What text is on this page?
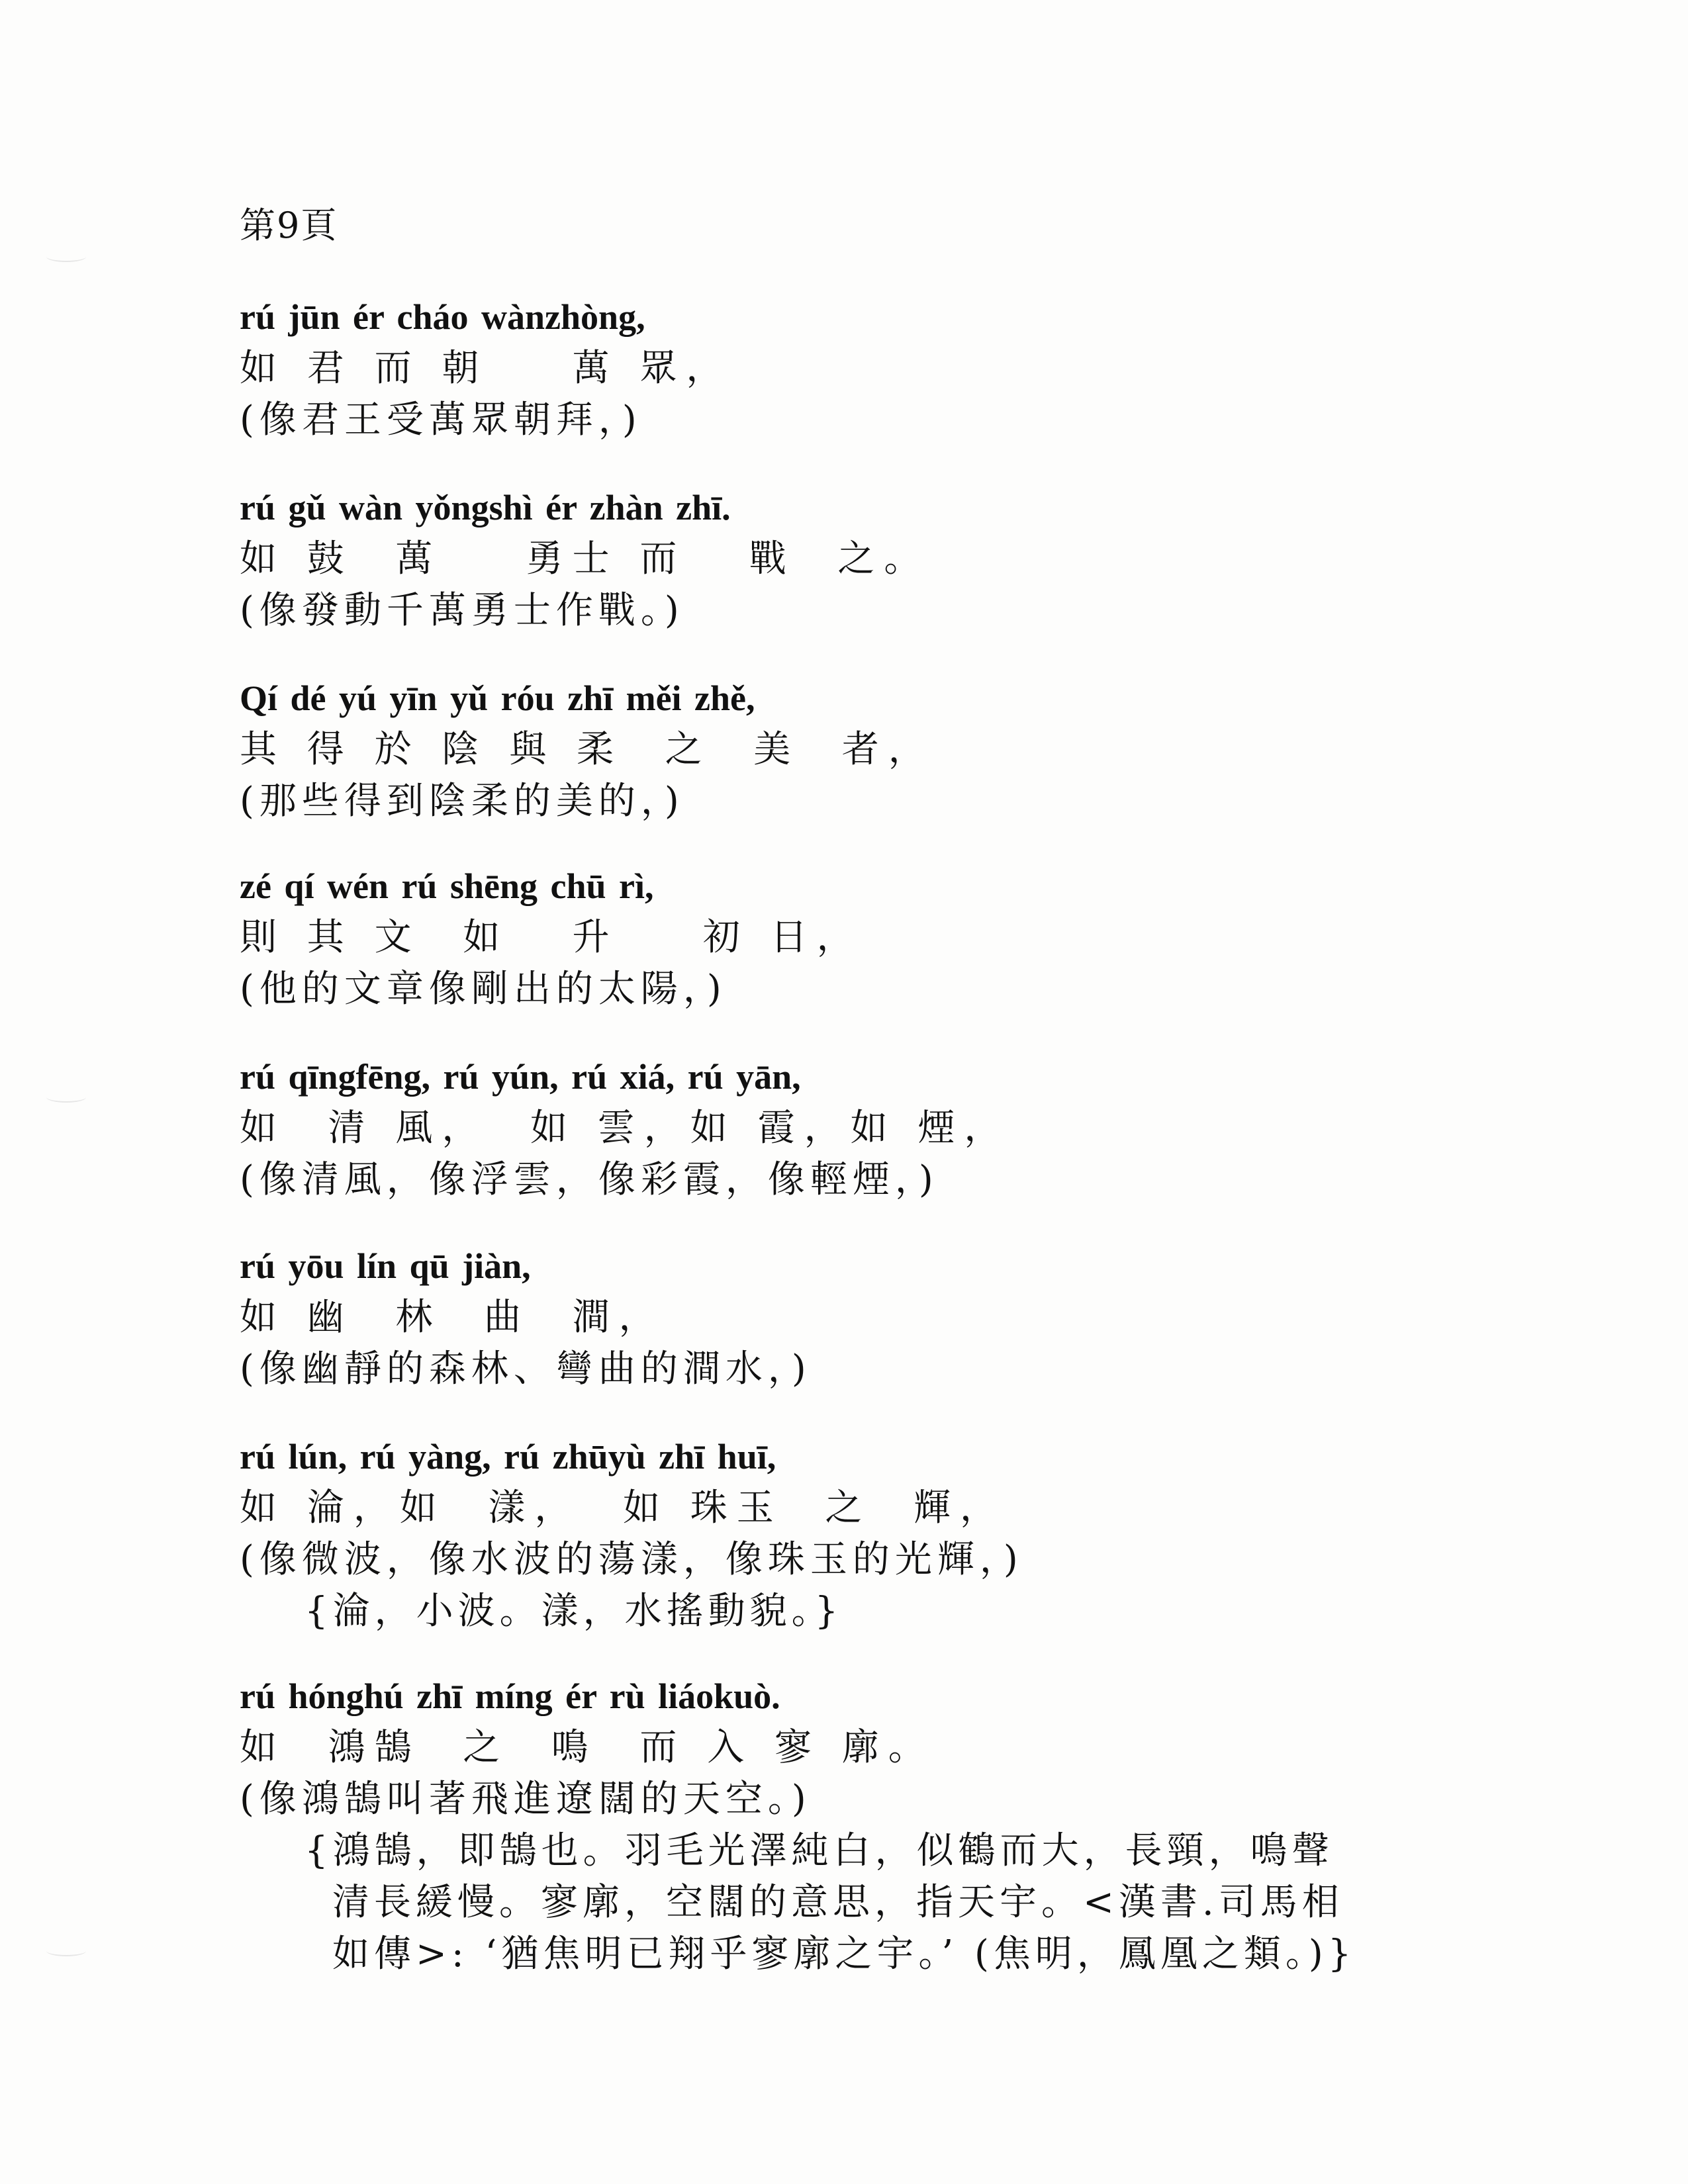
第9頁
rú jūn ér cháo wànzhòng,
如 君 而 朝    萬 眾，
(像君王受萬眾朝拜，)
rú gǔ wàn yǒngshì ér zhàn zhī.
如 鼓  萬    勇士 而   戰  之。
(像發動千萬勇士作戰。)
Qí dé yú yīn yǔ róu zhī měi zhě,
其 得 於 陰 與 柔  之  美  者，
(那些得到陰柔的美的，)
zé qí wén rú shēng chū rì,
則 其 文  如   升    初 日，
(他的文章像剛出的太陽，)
rú qīngfēng, rú yún, rú xiá, rú yān,
如  清 風，  如 雲，如 霞，如 煙，
(像清風，像浮雲，像彩霞，像輕煙，)
rú yōu lín qū jiàn,
如 幽  林  曲  澗，
(像幽靜的森林、彎曲的澗水，)
rú lún, rú yàng, rú zhūyù zhī huī,
如 淪，如  漾，  如 珠玉  之  輝，
(像微波，像水波的蕩漾，像珠玉的光輝，)
{淪，小波。漾，水搖動貌。}
rú hónghú zhī míng ér rù liáokuò.
如  鴻鵠  之  鳴  而 入 寥 廓。
(像鴻鵠叫著飛進遼闊的天空。)
{鴻鵠，即鵠也。羽毛光澤純白，似鶴而大，長頸，鳴聲
清長緩慢。寥廓，空闊的意思，指天宇。<漢書.司馬相
如傳>: ‘猶焦明已翔乎寥廓之宇。’ (焦明，鳳凰之類。)}
